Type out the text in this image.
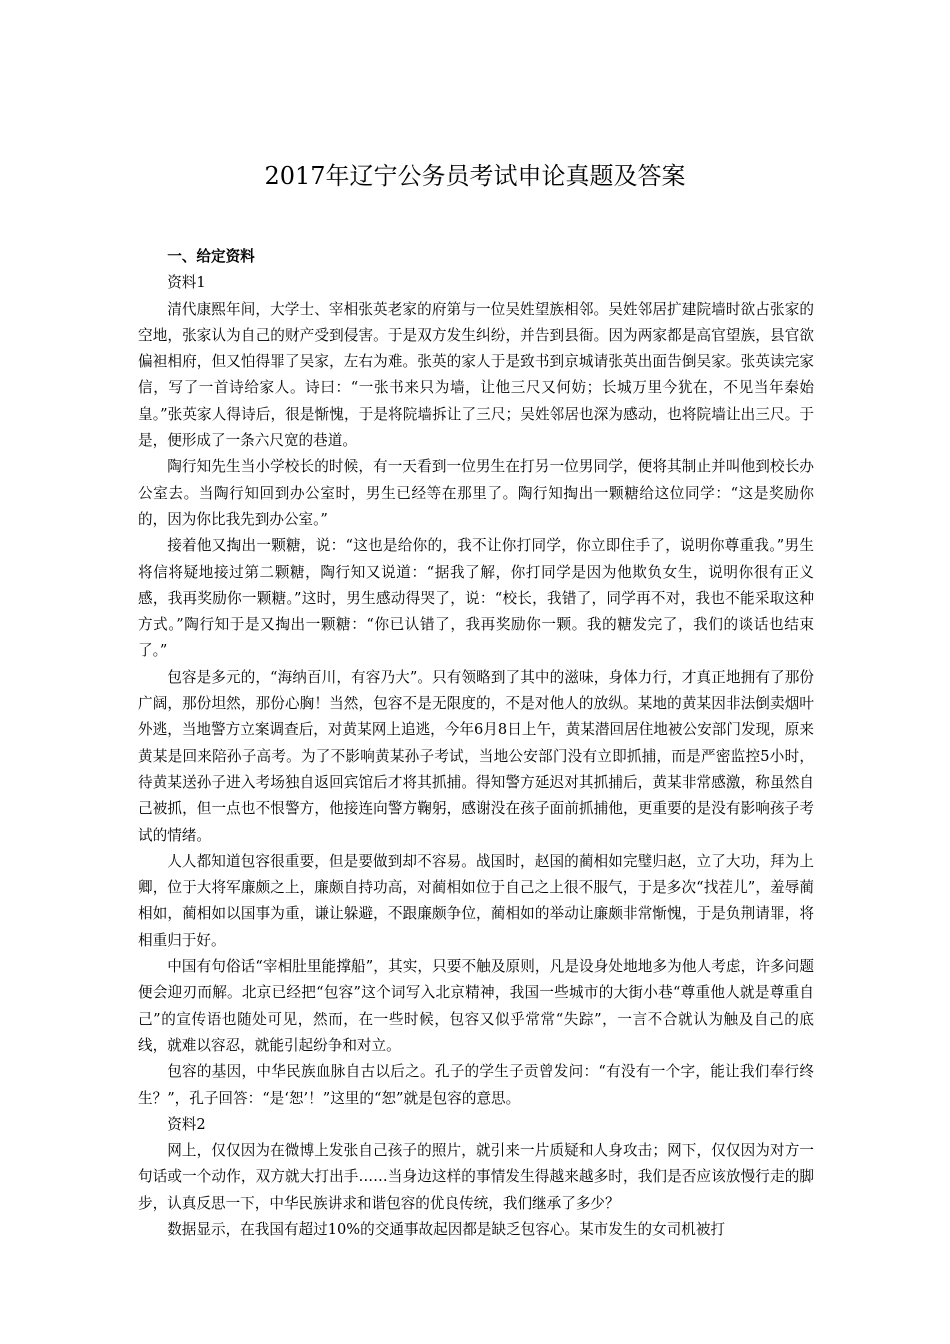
2017年辽宁公务员考试申论真题及答案
一、给定资料

资料1

清代康熙年间，大学士、宰相张英老家的府第与一位吴姓望族相邻。吴姓邻居扩建院墙时欲占张家的空地，张家认为自己的财产受到侵害。于是双方发生纠纷，并告到县衙。因为两家都是高官望族，县官欲偏袒相府，但又怕得罪了吴家，左右为难。张英的家人于是致书到京城请张英出面告倒吴家。张英读完家信，写了一首诗给家人。诗曰：“一张书来只为墙，让他三尺又何妨；长城万里今犹在，不见当年秦始皇。”张英家人得诗后，很是惭愧，于是将院墙拆让了三尺；吴姓邻居也深为感动，也将院墙让出三尺。于是，便形成了一条六尺宽的巷道。

陶行知先生当小学校长的时候，有一天看到一位男生在打另一位男同学，便将其制止并叫他到校长办公室去。当陶行知回到办公室时，男生已经等在那里了。陶行知掏出一颗糖给这位同学：“这是奖励你的，因为你比我先到办公室。”

接着他又掏出一颗糖，说：“这也是给你的，我不让你打同学，你立即住手了，说明你尊重我。”男生将信将疑地接过第二颗糖，陶行知又说道：“据我了解，你打同学是因为他欺负女生，说明你很有正义感，我再奖励你一颗糖。”这时，男生感动得哭了，说：“校长，我错了，同学再不对，我也不能采取这种方式。”陶行知于是又掏出一颗糖：“你已认错了，我再奖励你一颗。我的糖发完了，我们的谈话也结束了。”

包容是多元的，“海纳百川，有容乃大”。只有领略到了其中的滋味，身体力行，才真正地拥有了那份广阔，那份坦然，那份心胸！当然，包容不是无限度的，不是对他人的放纵。某地的黄某因非法倒卖烟叶外逃，当地警方立案调查后，对黄某网上追逃，今年6月8日上午，黄某潜回居住地被公安部门发现，原来黄某是回来陪孙子高考。为了不影响黄某孙子考试，当地公安部门没有立即抓捕，而是严密监控5小时，待黄某送孙子进入考场独自返回宾馆后才将其抓捕。得知警方延迟对其抓捕后，黄某非常感激，称虽然自己被抓，但一点也不恨警方，他接连向警方鞠躬，感谢没在孩子面前抓捕他，更重要的是没有影响孩子考试的情绪。

人人都知道包容很重要，但是要做到却不容易。战国时，赵国的蔺相如完璧归赵，立了大功，拜为上卿，位于大将军廉颇之上，廉颇自持功高，对蔺相如位于自己之上很不服气，于是多次“找茬儿”，羞辱蔺相如，蔺相如以国事为重，谦让躲避，不跟廉颇争位，蔺相如的举动让廉颇非常惭愧，于是负荆请罪，将相重归于好。

中国有句俗话“宰相肚里能撑船”，其实，只要不触及原则，凡是设身处地地多为他人考虑，许多问题便会迎刃而解。北京已经把“包容”这个词写入北京精神，我国一些城市的大街小巷“尊重他人就是尊重自己”的宣传语也随处可见，然而，在一些时候，包容又似乎常常“失踪”，一言不合就认为触及自己的底线，就难以容忍，就能引起纷争和对立。

包容的基因，中华民族血脉自古以后之。孔子的学生子贡曾发问：“有没有一个字，能让我们奉行终生？”，孔子回答：“是‘恕’！”这里的“恕”就是包容的意思。

资料2

网上，仅仅因为在微博上发张自己孩子的照片，就引来一片质疑和人身攻击；网下，仅仅因为对方一句话或一个动作，双方就大打出手……当身边这样的事情发生得越来越多时，我们是否应该放慢行走的脚步，认真反思一下，中华民族讲求和谐包容的优良传统，我们继承了多少？

数据显示，在我国有超过10%的交通事故起因都是缺乏包容心。某市发生的女司机被打
